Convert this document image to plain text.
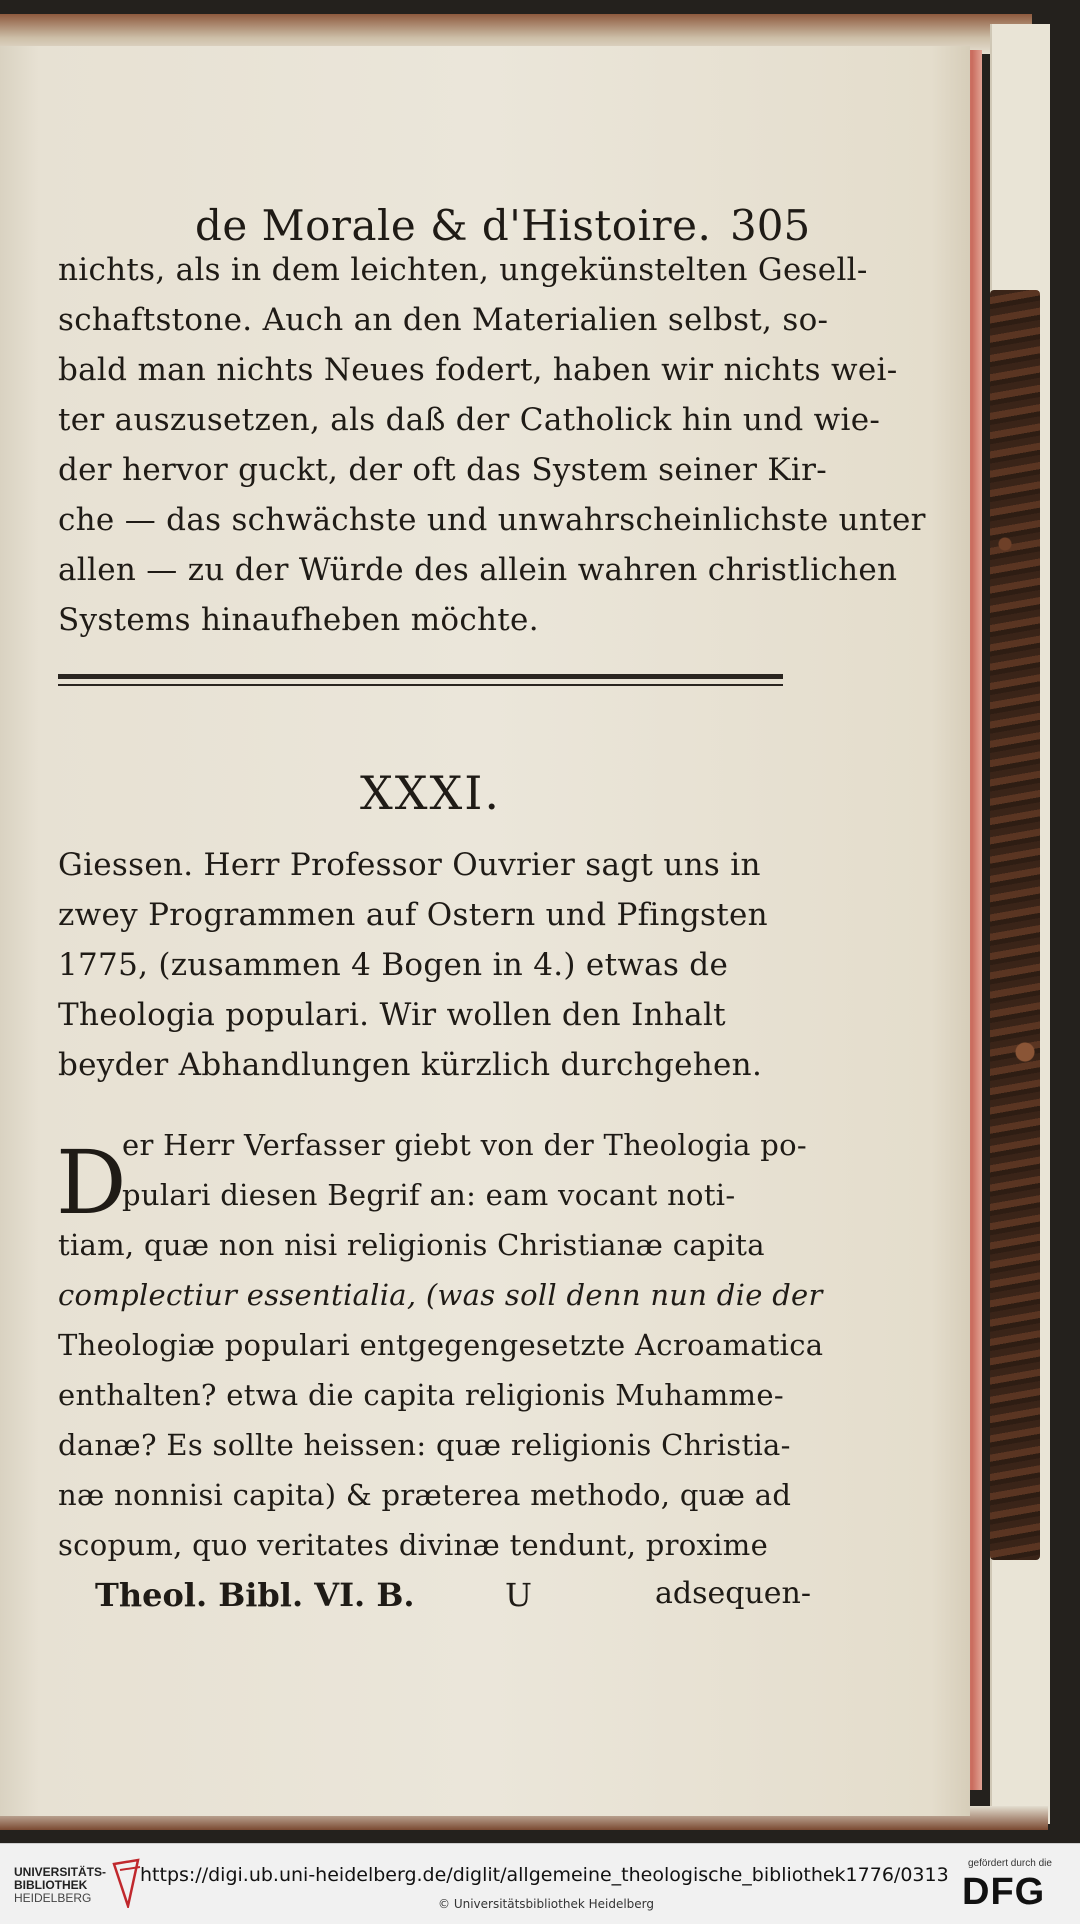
de Morale & d'Histoire. 305
nichts, als in dem leichten, ungekünstelten Gesell-
schaftstone. Auch an den Materialien selbst, so-
bald man nichts Neues fodert, haben wir nichts wei-
ter auszusetzen, als daß der Catholick hin und wie-
der hervor guckt, der oft das System seiner Kir-
che — das schwächste und unwahrscheinlichste unter
allen — zu der Würde des allein wahren christlichen
Systems hinaufheben möchte.
XXXI.
Giessen. Herr Professor Ouvrier sagt uns in
zwey Programmen auf Ostern und Pfingsten
1775, (zusammen 4 Bogen in 4.) etwas de
Theologia populari. Wir wollen den Inhalt
beyder Abhandlungen kürzlich durchgehen.
D
er Herr Verfasser giebt von der Theologia po-
pulari diesen Begrif an: eam vocant noti-
tiam, quæ non nisi religionis Christianæ capita
complectiur essentialia, (was soll denn nun die der
Theologiæ populari entgegengesetzte Acroamatica
enthalten? etwa die capita religionis Muhamme-
danæ? Es sollte heissen: quæ religionis Christia-
næ nonnisi capita) & præterea methodo, quæ ad
scopum, quo veritates divinæ tendunt, proxime
Theol. Bibl. VI. B.	U	adsequen-
UNIVERSITÄTS-
BIBLIOTHEK
HEIDELBERG
https://digi.ub.uni-heidelberg.de/diglit/allgemeine_theologische_bibliothek1776/0313
© Universitätsbibliothek Heidelberg
gefördert durch die
DFG
